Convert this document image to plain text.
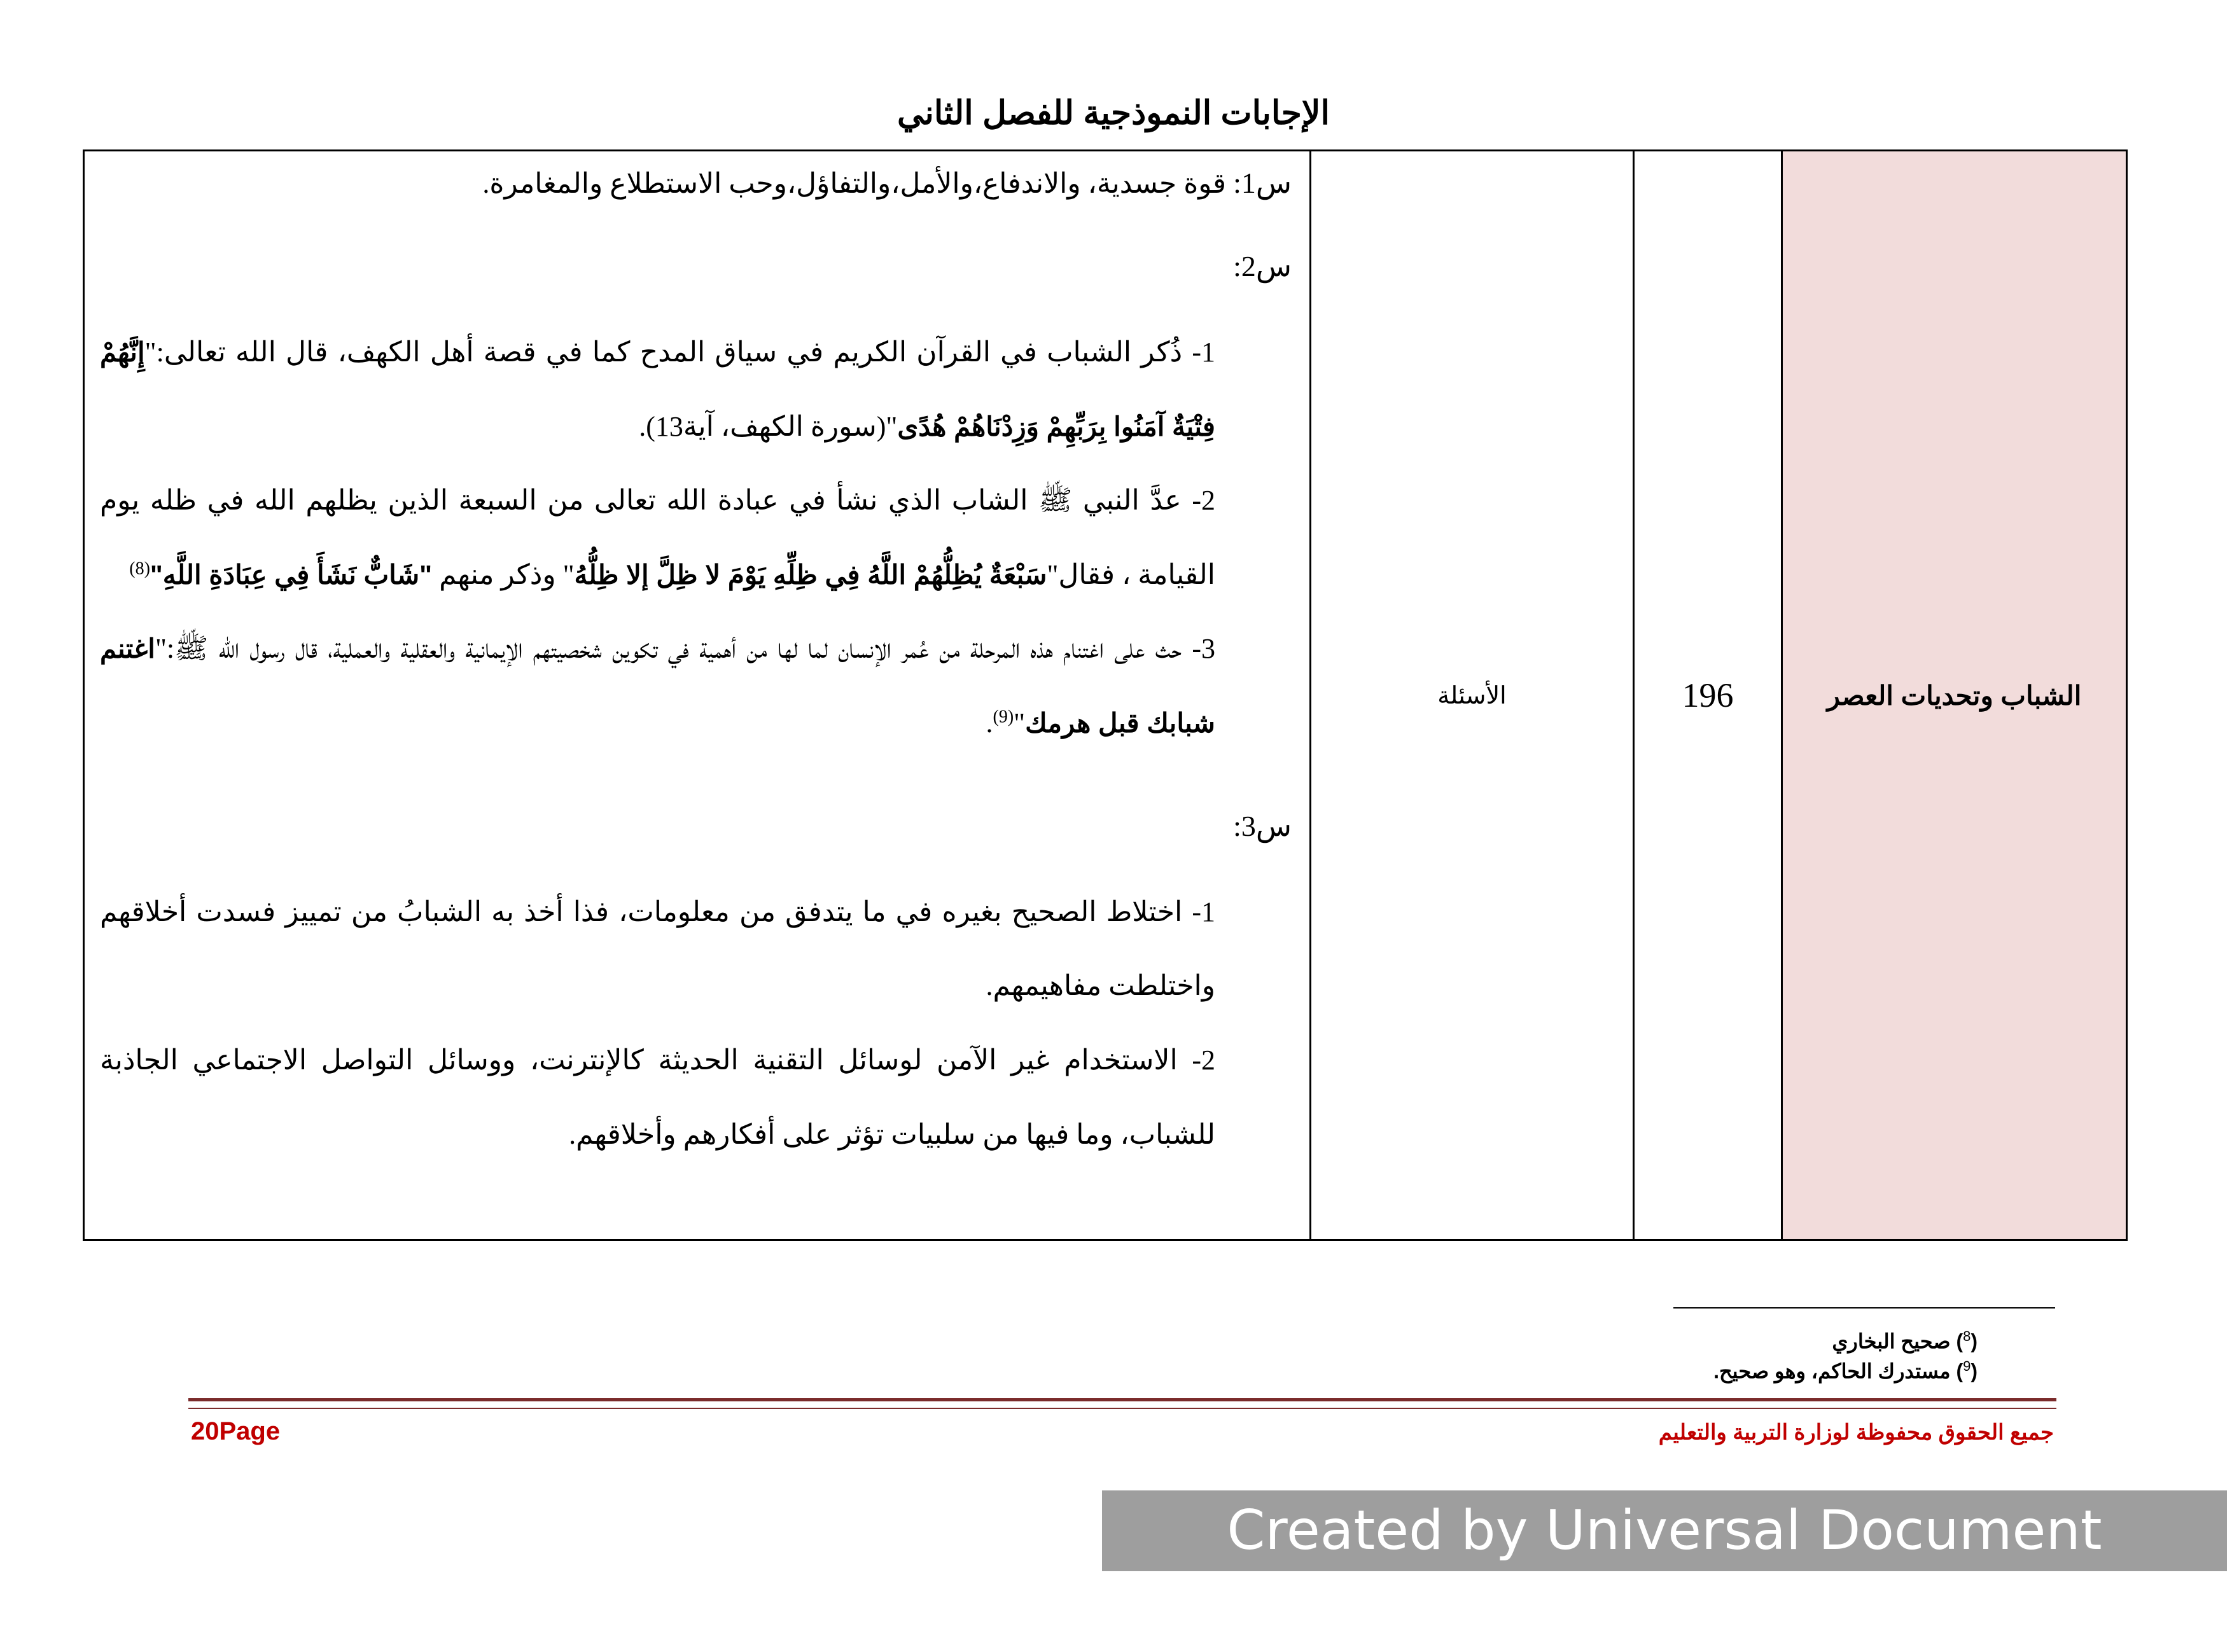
الإجابات النموذجية للفصل الثاني
الشباب وتحديات العصر	196	الأسئلة	

س1: قوة جسدية، والاندفاع،والأمل،والتفاؤل،وحب الاستطلاع والمغامرة.

س2:

1- ذُكر الشباب في القرآن الكريم في سياق المدح كما في قصة أهل الكهف، قال الله تعالى:"إِنَّهُمْ فِتْيَةٌ آمَنُوا بِرَبِّهِمْ وَزِدْنَاهُمْ هُدًى"(سورة الكهف، آية13).

2- عدَّ النبي ﷺ الشاب الذي نشأ في عبادة الله تعالى من السبعة الذين يظلهم الله في ظله يوم القيامة ، فقال"سَبْعَةٌ يُظِلُّهُمْ اللَّهُ فِي ظِلِّهِ يَوْمَ لا ظِلَّ إلا ظِلُّهُ" وذكر منهم "شَابٌّ نَشَأَ فِي عِبَادَةِ اللَّهِ"$^{(8)}$

3- حث على اغتنام هذه المرحلة من عُمر الإنسان لما لها من أهمية في تكوين شخصيتهم الإيمانية والعقلية والعملية، قال رسول الله ﷺ:"اغتنم شبابك قبل هرمك"$^{(9)}$.

س3:

1- اختلاط الصحيح بغيره في ما يتدفق من معلومات، فذا أخذ به الشبابُ من تمييز فسدت أخلاقهم واختلطت مفاهيمهم.

2- الاستخدام غير الآمن لوسائل التقنية الحديثة كالإنترنت، ووسائل التواصل الاجتماعي الجاذبة للشباب، وما فيها من سلبيات تؤثر على أفكارهم وأخلاقهم.

($^8$) صحيح البخاري
($^9$) مستدرك الحاكم، وهو صحيح.
20Page	جميع الحقوق محفوظة لوزارة التربية والتعليم
Created by Universal Document Converter
